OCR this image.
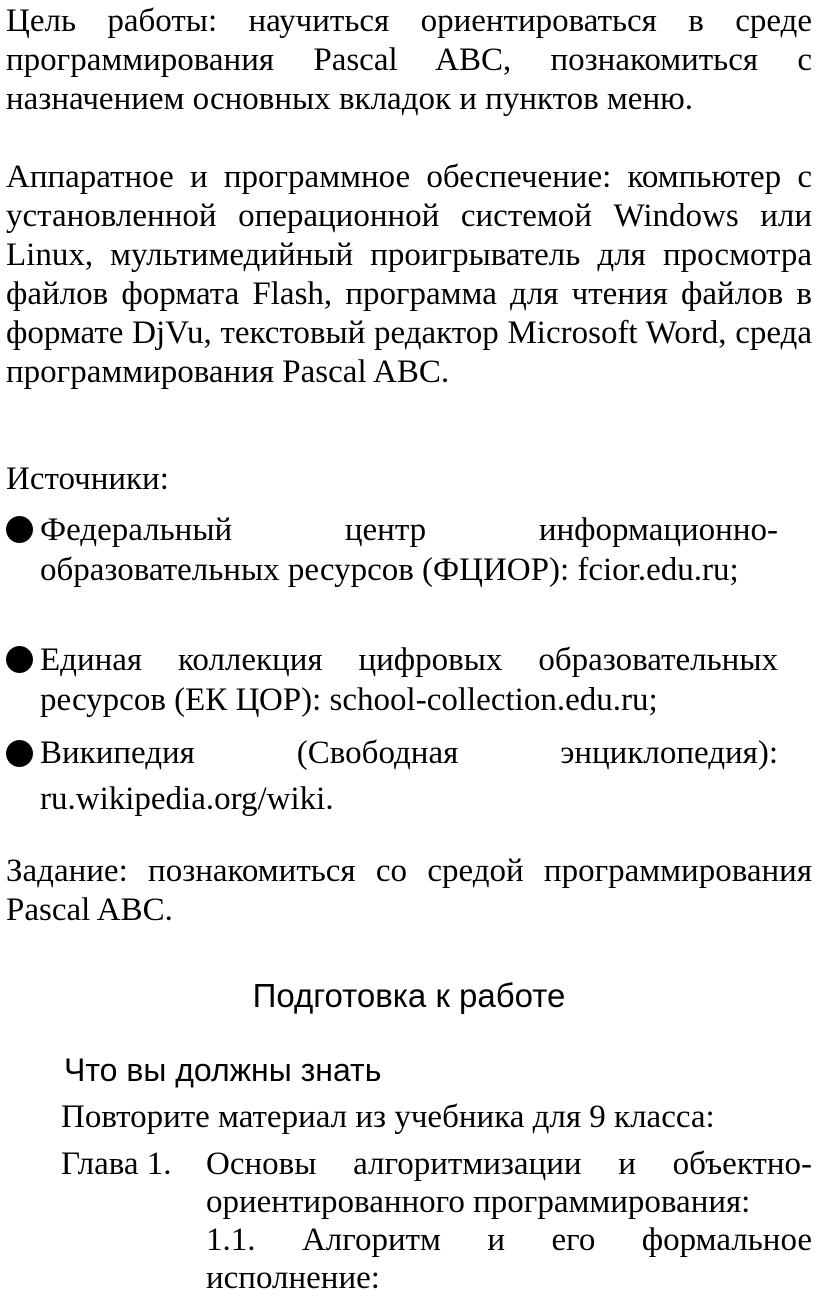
Цель работы: научиться ориентироваться в среде программирования Pascal ABC, познакомиться с назначением основных вкладок и пунктов меню.

Аппаратное и программное обеспечение: компьютер с установленной операционной системой Windows или Linux, мультимедийный проигрыватель для просмотра файлов формата Flash, программа для чтения файлов в формате DjVu, текстовый редактор Microsoft Word, среда программирования Pascal ABC.

Источники:

Федеральный центр информационно-образовательных ресурсов (ФЦИОР): fcior.edu.ru;

Единая коллекция цифровых образовательных ресурсов (ЕК ЦОР): school-collection.edu.ru;

Википедия (Свободная энциклопедия): ru.wikipedia.org/wiki.

Задание: познакомиться со средой программирования Pascal ABC.

Подготовка к работе
Что вы должны знать

Повторите материал из учебника для 9 класса:

Глава 1. Основы алгоритмизации и объектно-ориентированного программирования:

1.1. Алгоритм и его формальное исполнение:
